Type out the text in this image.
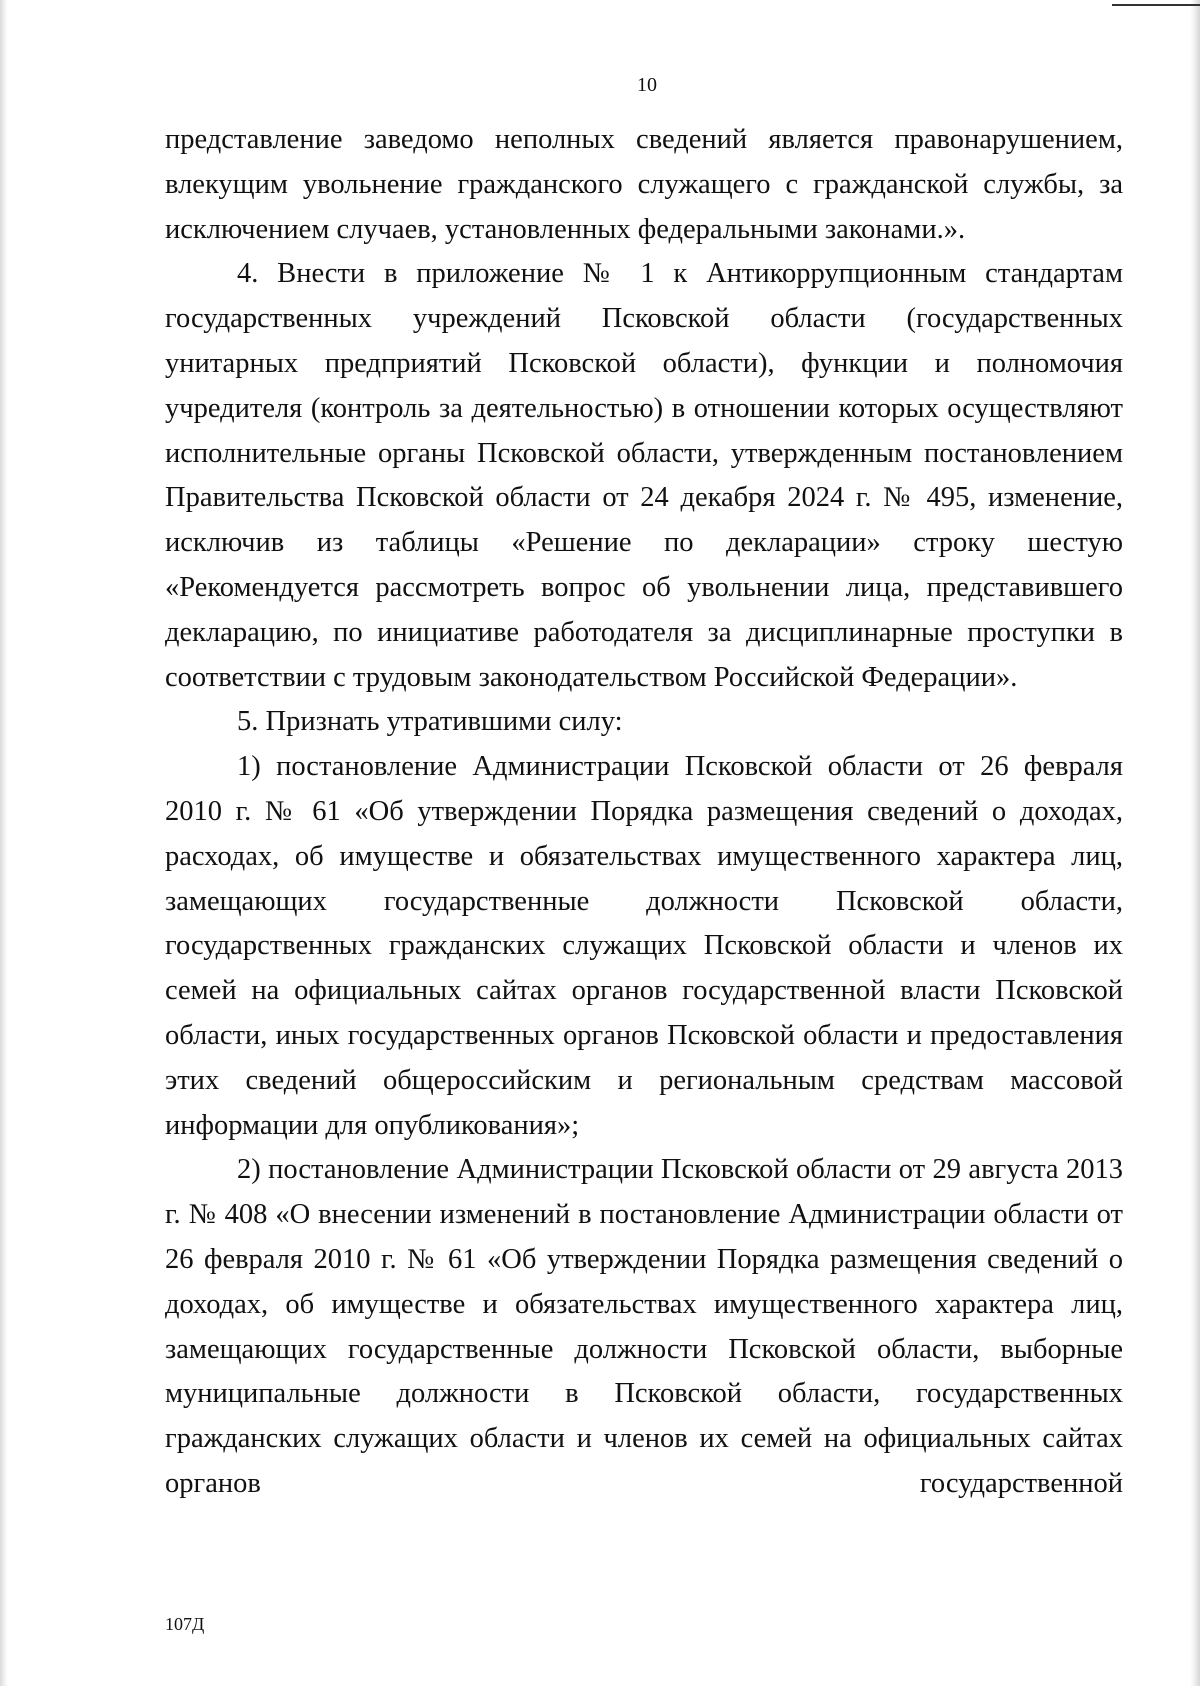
10

представление заведомо неполных сведений является правонарушением, влекущим увольнение гражданского служащего с гражданской службы, за исключением случаев, установленных федеральными законами.».

4. Внести в приложение № 1 к Антикоррупционным стандартам государственных учреждений Псковской области (государственных унитарных предприятий Псковской области), функции и полномочия учредителя (контроль за деятельностью) в отношении которых осуществляют исполнительные органы Псковской области, утвержденным постановлением Правительства Псковской области от 24 декабря 2024 г. № 495, изменение, исключив из таблицы «Решение по декларации» строку шестую «Рекомендуется рассмотреть вопрос об увольнении лица, представившего декларацию, по инициативе работодателя за дисциплинарные проступки в соответствии с трудовым законодательством Российской Федерации».

5. Признать утратившими силу:

1) постановление Администрации Псковской области от 26 февраля 2010 г. № 61 «Об утверждении Порядка размещения сведений о доходах, расходах, об имуществе и обязательствах имущественного характера лиц, замещающих государственные должности Псковской области, государственных гражданских служащих Псковской области и членов их семей на официальных сайтах органов государственной власти Псковской области, иных государственных органов Псковской области и предоставления этих сведений общероссийским и региональным средствам массовой информации для опубликования»;

2) постановление Администрации Псковской области от 29 августа 2013 г. № 408 «О внесении изменений в постановление Администрации области от 26 февраля 2010 г. № 61 «Об утверждении Порядка размещения сведений о доходах, об имуществе и обязательствах имущественного характера лиц, замещающих государственные должности Псковской области, выборные муниципальные должности в Псковской области, государственных гражданских служащих области и членов их семей на официальных сайтах органов государственной

107Д
